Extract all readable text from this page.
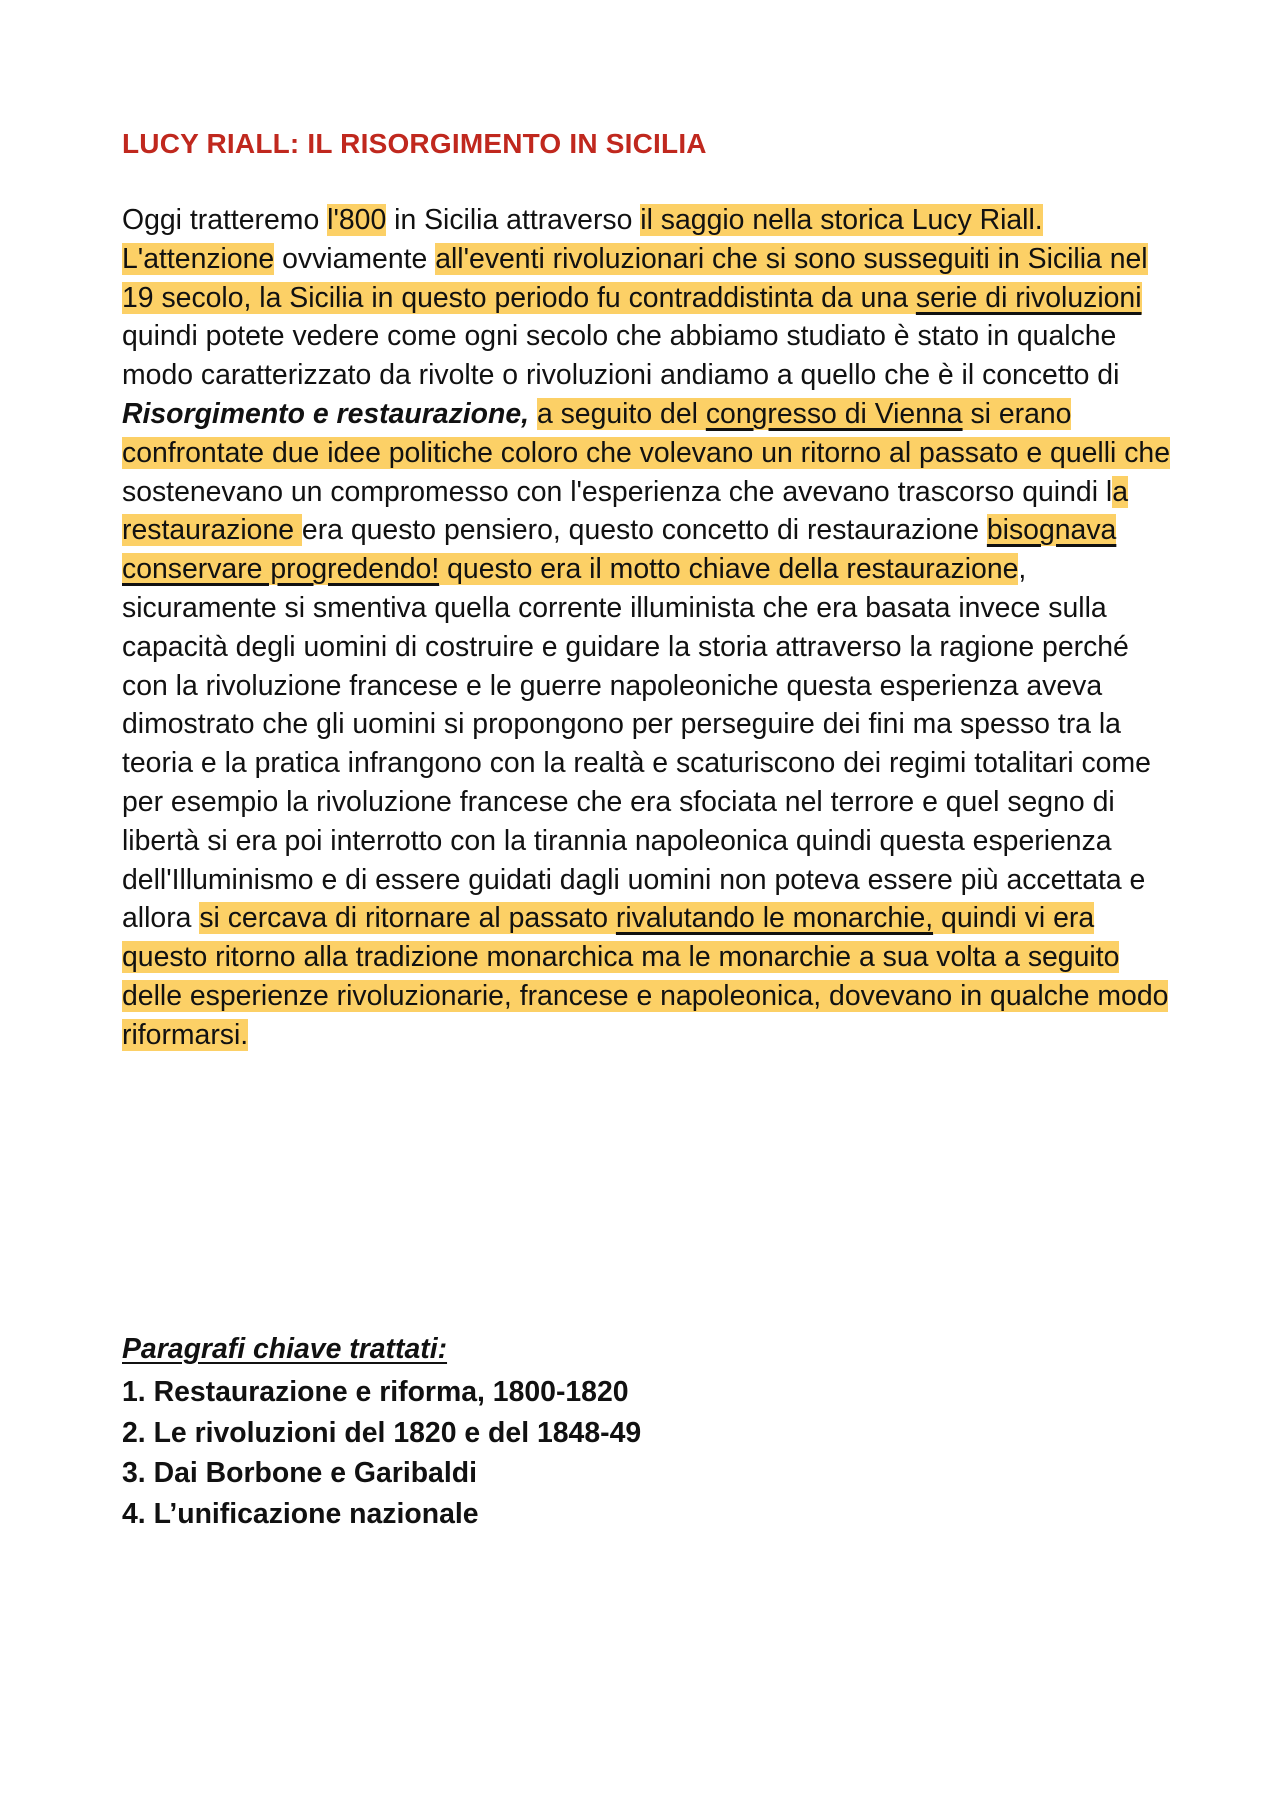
LUCY RIALL: IL RISORGIMENTO IN SICILIA

Oggi tratteremo l'800 in Sicilia attraverso il saggio nella storica Lucy Riall. L'attenzione ovviamente all'eventi rivoluzionari che si sono susseguiti in Sicilia nel 19 secolo, la Sicilia in questo periodo fu contraddistinta da una serie di rivoluzioni quindi potete vedere come ogni secolo che abbiamo studiato è stato in qualche modo caratterizzato da rivolte o rivoluzioni andiamo a quello che è il concetto di Risorgimento e restaurazione, a seguito del congresso di Vienna si erano confrontate due idee politiche coloro che volevano un ritorno al passato e quelli che sostenevano un compromesso con l'esperienza che avevano trascorso quindi la restaurazione era questo pensiero, questo concetto di restaurazione bisognava conservare progredendo! questo era il motto chiave della restaurazione, sicuramente si smentiva quella corrente illuminista che era basata invece sulla capacità degli uomini di costruire e guidare la storia attraverso la ragione perché con la rivoluzione francese e le guerre napoleoniche questa esperienza aveva dimostrato che gli uomini si propongono per perseguire dei fini ma spesso tra la teoria e la pratica infrangono con la realtà e scaturiscono dei regimi totalitari come per esempio la rivoluzione francese che era sfociata nel terrore e quel segno di libertà si era poi interrotto con la tirannia napoleonica quindi questa esperienza dell'Illuminismo e di essere guidati dagli uomini non poteva essere più accettata e allora si cercava di ritornare al passato rivalutando le monarchie, quindi vi era questo ritorno alla tradizione monarchica ma le monarchie a sua volta a seguito delle esperienze rivoluzionarie, francese e napoleonica, dovevano in qualche modo riformarsi.

Paragrafi chiave trattati:
1. Restaurazione e riforma, 1800-1820
2. Le rivoluzioni del 1820 e del 1848-49
3. Dai Borbone e Garibaldi
4. L’unificazione nazionale
